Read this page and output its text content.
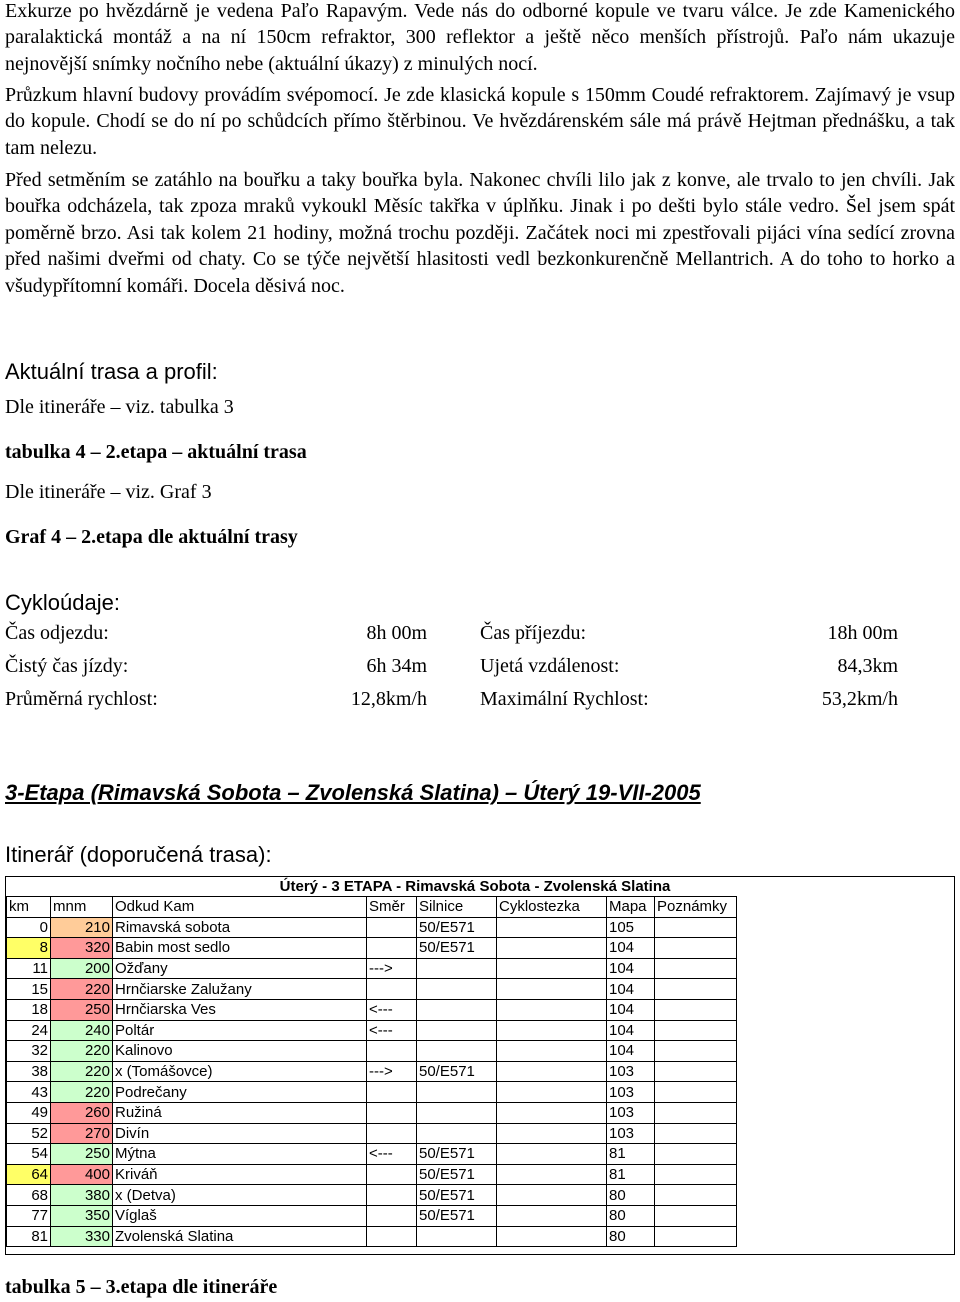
Exkurze po hvězdárně je vedena Paľo Rapavým. Vede nás do odborné kopule ve tvaru válce. Je zde Kamenického paralaktická montáž a na ní 150cm refraktor, 300 reflektor a ještě něco menších přístrojů. Paľo nám ukazuje nejnovější snímky nočního nebe (aktuální úkazy) z minulých nocí.

Průzkum hlavní budovy provádím svépomocí. Je zde klasická kopule s 150mm Coudé refraktorem. Zajímavý je vsup do kopule. Chodí se do ní po schůdcích přímo štěrbinou. Ve hvězdárenském sále má právě Hejtman přednášku, a tak tam nelezu.

Před setměním se zatáhlo na bouřku a taky bouřka byla. Nakonec chvíli lilo jak z konve, ale trvalo to jen chvíli. Jak bouřka odcházela, tak zpoza mraků vykoukl Měsíc takřka v úplňku. Jinak i po dešti bylo stále vedro. Šel jsem spát poměrně brzo. Asi tak kolem 21 hodiny, možná trochu později. Začátek noci mi zpestřovali pijáci vína sedící zrovna před našimi dveřmi od chaty. Co se týče největší hlasitosti vedl bezkonkurenčně Mellantrich. A do toho to horko a všudypřítomní komáři. Docela děsivá noc.

Aktuální trasa a profil:

Dle itineráře – viz. tabulka 3

tabulka 4 – 2.etapa – aktuální trasa

Dle itineráře – viz. Graf 3

Graf 4 – 2.etapa dle aktuální trasy

Cykloúdaje:

Čas odjezdu:	8h 00m	Čas příjezdu:	18h 00m
Čistý čas jízdy:	6h 34m	Ujetá vzdálenost:	84,3km
Průměrná rychlost:	12,8km/h	Maximální Rychlost:	53,2km/h

3-Etapa (Rimavská Sobota – Zvolenská Slatina) – Úterý 19-VII-2005

Itinerář (doporučená trasa):

Úterý - 3 ETAPA - Rimavská Sobota - Zvolenská Slatina
km	mnm	Odkud Kam	Směr	Silnice	Cyklostezka	Mapa	Poznámky
0	210	Rimavská sobota		50/E571		105	
8	320	Babin most sedlo		50/E571		104	
11	200	Ožďany	--->			104	
15	220	Hrnčiarske Zalužany				104	
18	250	Hrnčiarska Ves	<---			104	
24	240	Poltár	<---			104	
32	220	Kalinovo				104	
38	220	x (Tomášovce)	--->	50/E571		103	
43	220	Podrečany				103	
49	260	Ružiná				103	
52	270	Divín				103	
54	250	Mýtna	<---	50/E571		81	
64	400	Kriváň		50/E571		81	
68	380	x (Detva)		50/E571		80	
77	350	Víglaš		50/E571		80	
81	330	Zvolenská Slatina				80	

tabulka 5 – 3.etapa dle itineráře
